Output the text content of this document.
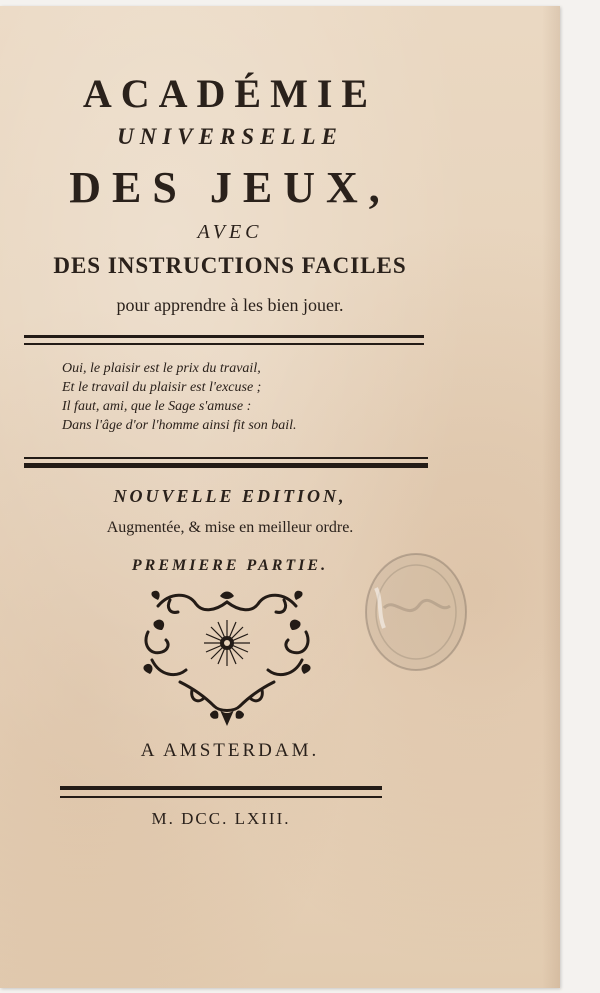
ACADÉMIE
UNIVERSELLE
DES JEUX,
AVEC
DES INSTRUCTIONS FACILES
pour apprendre à les bien jouer.
Oui, le plaisir est le prix du travail,
Et le travail du plaisir est l'excuse ;
Il faut, ami, que le Sage s'amuse :
Dans l'âge d'or l'homme ainsi fit son bail.
NOUVELLE EDITION,
Augmentée, & mise en meilleur ordre.
PREMIERE PARTIE.
A AMSTERDAM.
M. DCC. LXIII.
